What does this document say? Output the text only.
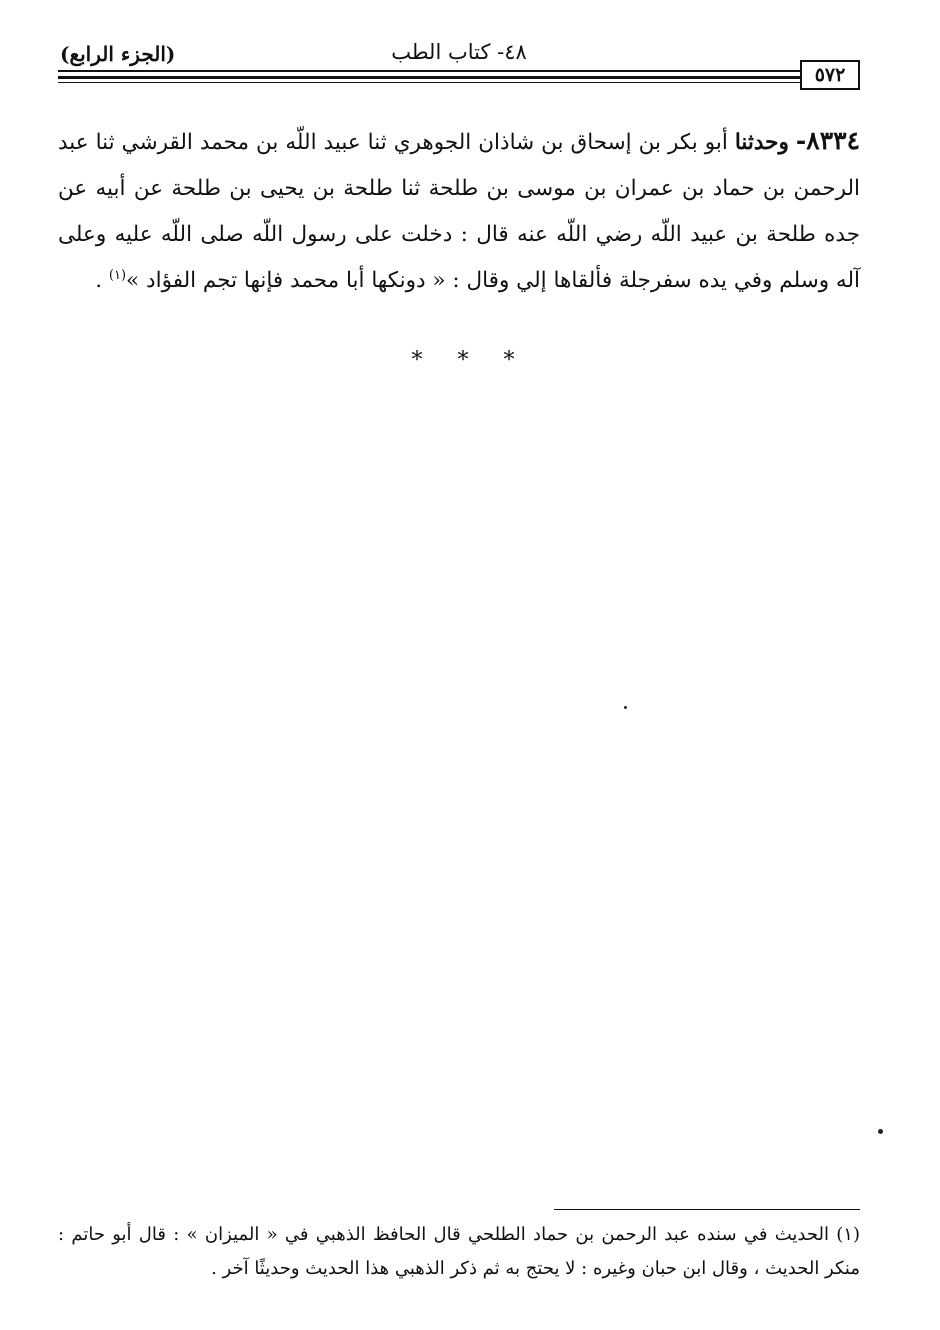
(الجزء الرابع)	٤٨- كتاب الطب
٥٧٢
٨٣٣٤- وحدثنا أبو بكر بن إسحاق بن شاذان الجوهري ثنا عبيد اللّه بن محمد القرشي ثنا عبد الرحمن بن حماد بن عمران بن موسى بن طلحة ثنا طلحة بن يحيى بن طلحة عن أبيه عن جده طلحة بن عبيد اللّه رضي اللّه عنه قال : دخلت على رسول اللّه صلى اللّه عليه وعلى آله وسلم وفي يده سفرجلة فألقاها إلي وقال : « دونكها أبا محمد فإنها تجم الفؤاد »$^{(١)}$ .
* * *
(١) الحديث في سنده عبد الرحمن بن حماد الطلحي قال الحافظ الذهبي في « الميزان » : قال أبو حاتم : منكر الحديث ، وقال ابن حبان وغيره : لا يحتج به ثم ذكر الذهبي هذا الحديث وحديثًا آخر .
